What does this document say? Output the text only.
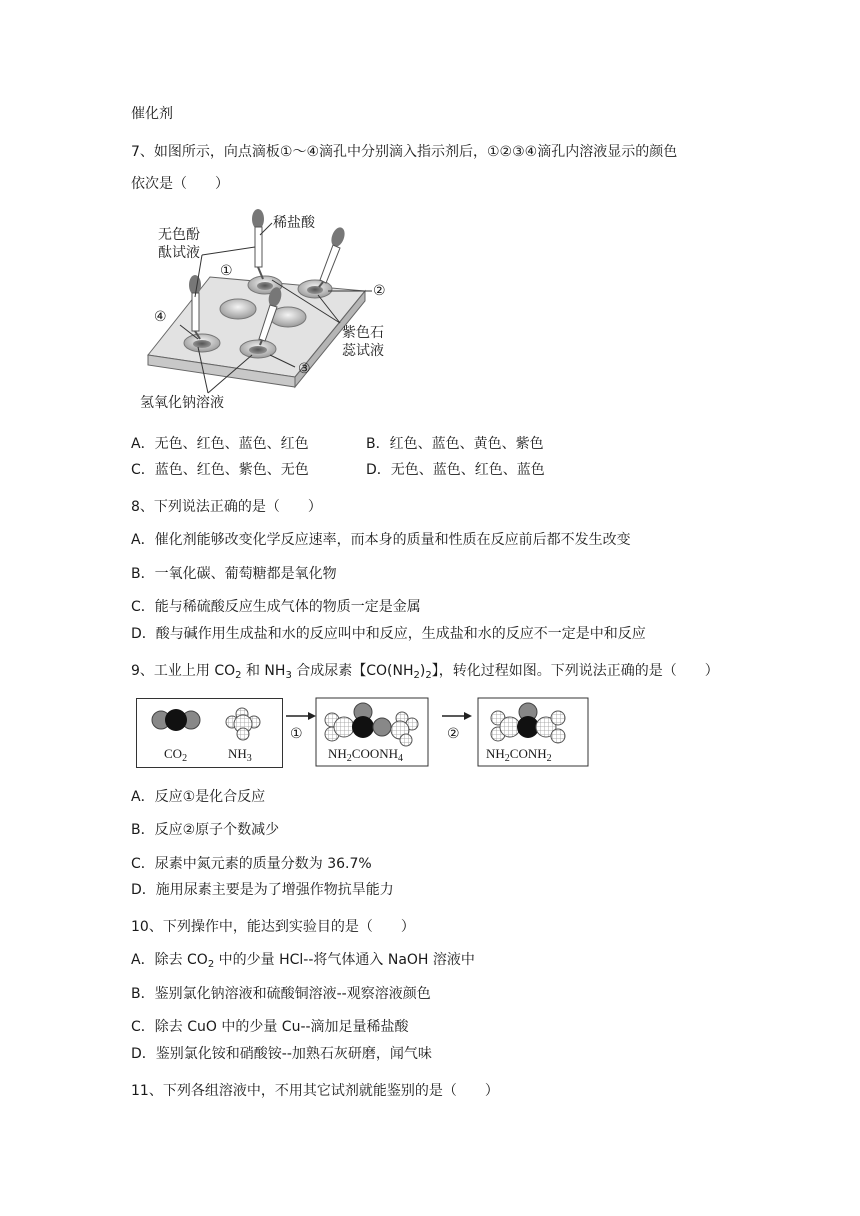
催化剂
7、如图所示，向点滴板①～④滴孔中分别滴入指示剂后，①②③④滴孔内溶液显示的颜色
依次是（　　）
无色酚
酞试液
稀盐酸
紫色石
蕊试液
氢氧化钠溶液
①
②
③
④
A．无色、红色、蓝色、红色	B．红色、蓝色、黄色、紫色
C．蓝色、红色、紫色、无色	D．无色、蓝色、红色、蓝色
8、下列说法正确的是（　　）
A．催化剂能够改变化学反应速率，而本身的质量和性质在反应前后都不发生改变
B．一氧化碳、葡萄糖都是氧化物
C．能与稀硫酸反应生成气体的物质一定是金属
D．酸与碱作用生成盐和水的反应叫中和反应，生成盐和水的反应不一定是中和反应
9、工业上用 $CO_2$ 和 $NH_3$ 合成尿素【$CO(NH_2)_2$】，转化过程如图。下列说法正确的是（　　）
$CO_2$	$NH_3$	$NH_2COONH_4$	$NH_2CONH_2$
①	②
A．反应①是化合反应
B．反应②原子个数减少
C．尿素中氮元素的质量分数为 36.7%
D．施用尿素主要是为了增强作物抗旱能力
10、下列操作中，能达到实验目的是（　　）
A．除去 $CO_2$ 中的少量 HCl--将气体通入 NaOH 溶液中
B．鉴别氯化钠溶液和硫酸铜溶液--观察溶液颜色
C．除去 CuO 中的少量 Cu--滴加足量稀盐酸
D．鉴别氯化铵和硝酸铵--加熟石灰研磨，闻气味
11、下列各组溶液中，不用其它试剂就能鉴别的是（　　）
